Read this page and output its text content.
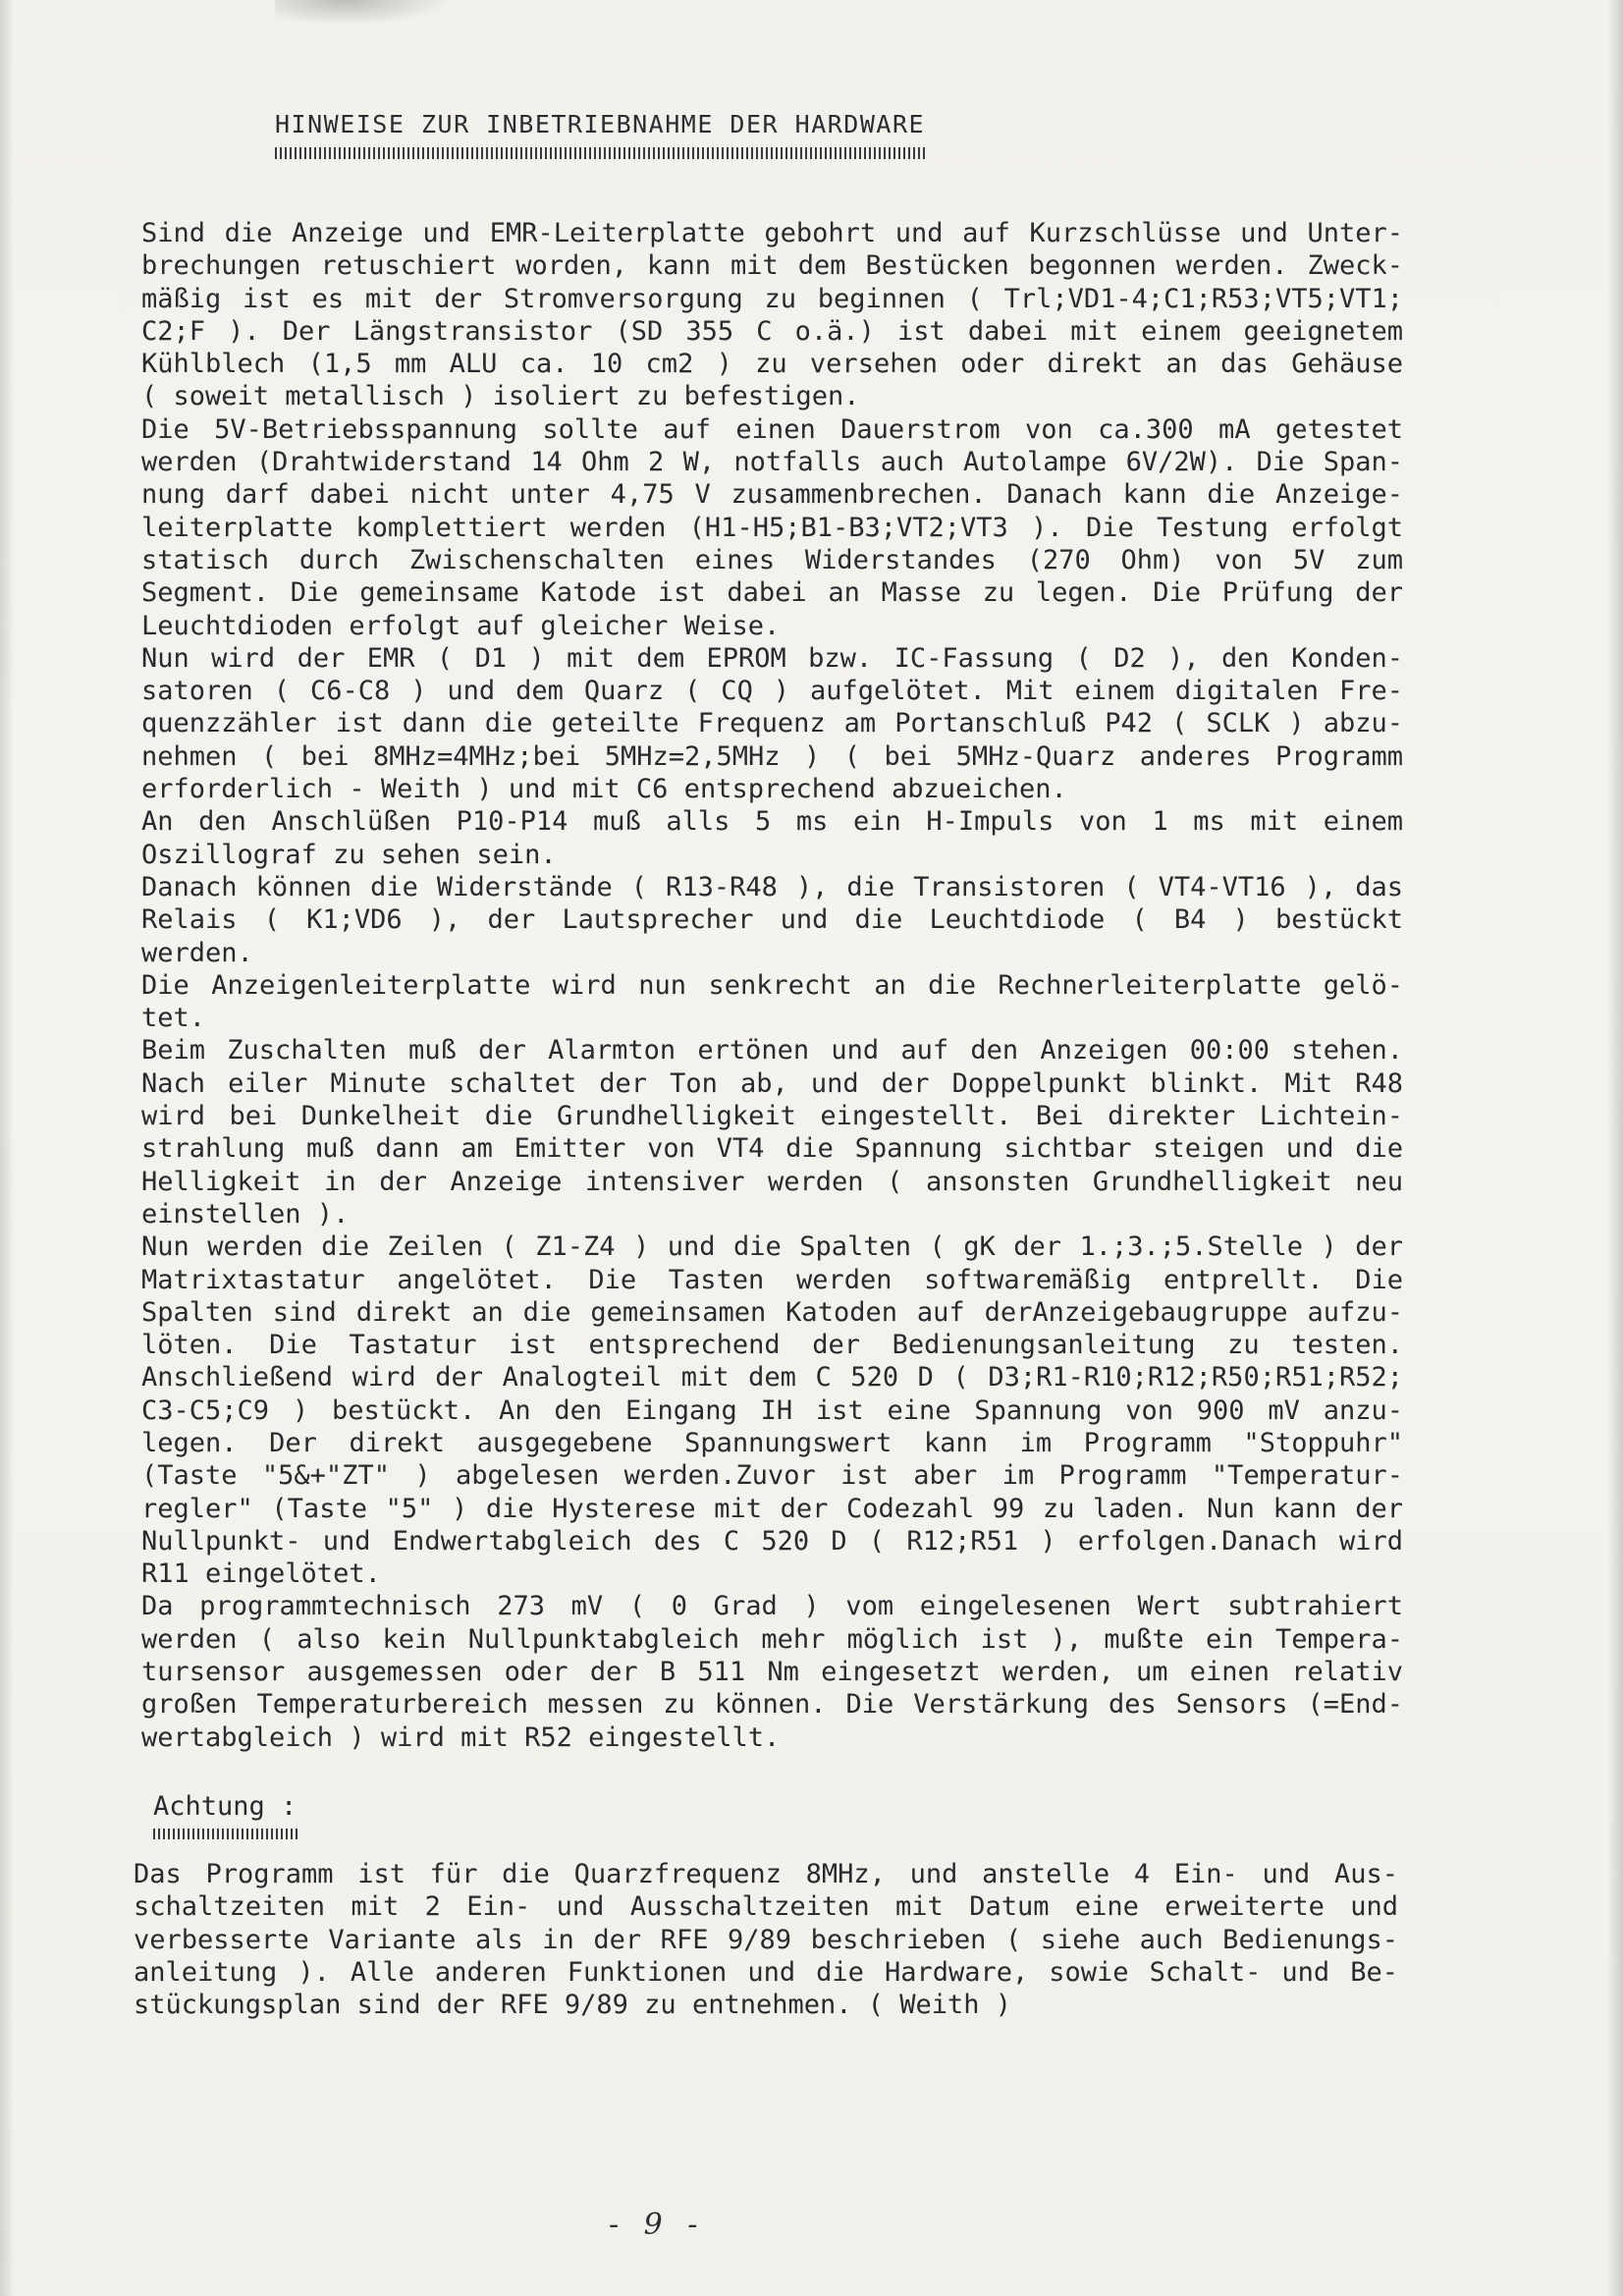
HINWEISE ZUR INBETRIEBNAHME DER HARDWARE
Sind die Anzeige und EMR-Leiterplatte gebohrt und auf Kurzschlüsse und Unter-
brechungen retuschiert worden, kann mit dem Bestücken begonnen werden. Zweck-
mäßig ist es mit der Stromversorgung zu beginnen ( Trl;VD1-4;C1;R53;VT5;VT1;
C2;F ). Der Längstransistor (SD 355 C o.ä.) ist dabei mit einem geeignetem
Kühlblech (1,5 mm ALU ca. 10 cm2 ) zu versehen oder direkt an das Gehäuse
( soweit metallisch ) isoliert zu befestigen.
Die 5V-Betriebsspannung sollte auf einen Dauerstrom von ca.300 mA getestet
werden (Drahtwiderstand 14 Ohm 2 W, notfalls auch Autolampe 6V/2W). Die Span-
nung darf dabei nicht unter 4,75 V zusammenbrechen. Danach kann die Anzeige-
leiterplatte komplettiert werden (H1-H5;B1-B3;VT2;VT3 ). Die Testung erfolgt
statisch durch Zwischenschalten eines Widerstandes (270 Ohm) von 5V zum
Segment. Die gemeinsame Katode ist dabei an Masse zu legen. Die Prüfung der
Leuchtdioden erfolgt auf gleicher Weise.
Nun wird der EMR ( D1 ) mit dem EPROM bzw. IC-Fassung ( D2 ), den Konden-
satoren ( C6-C8 ) und dem Quarz ( CQ ) aufgelötet. Mit einem digitalen Fre-
quenzzähler ist dann die geteilte Frequenz am Portanschluß P42 ( SCLK ) abzu-
nehmen ( bei 8MHz=4MHz;bei 5MHz=2,5MHz ) ( bei 5MHz-Quarz anderes Programm
erforderlich - Weith ) und mit C6 entsprechend abzueichen.
An den Anschlüßen P10-P14 muß alls 5 ms ein H-Impuls von 1 ms mit einem
Oszillograf zu sehen sein.
Danach können die Widerstände ( R13-R48 ), die Transistoren ( VT4-VT16 ), das
Relais ( K1;VD6 ), der Lautsprecher und die Leuchtdiode ( B4 ) bestückt
werden.
Die Anzeigenleiterplatte wird nun senkrecht an die Rechnerleiterplatte gelö-
tet.
Beim Zuschalten muß der Alarmton ertönen und auf den Anzeigen 00:00 stehen.
Nach eiler Minute schaltet der Ton ab, und der Doppelpunkt blinkt. Mit R48
wird bei Dunkelheit die Grundhelligkeit eingestellt. Bei direkter Lichtein-
strahlung muß dann am Emitter von VT4 die Spannung sichtbar steigen und die
Helligkeit in der Anzeige intensiver werden ( ansonsten Grundhelligkeit neu
einstellen ).
Nun werden die Zeilen ( Z1-Z4 ) und die Spalten ( gK der 1.;3.;5.Stelle ) der
Matrixtastatur angelötet. Die Tasten werden softwaremäßig entprellt. Die
Spalten sind direkt an die gemeinsamen Katoden auf derAnzeigebaugruppe aufzu-
löten. Die Tastatur ist entsprechend der Bedienungsanleitung zu testen.
Anschließend wird der Analogteil mit dem C 520 D ( D3;R1-R10;R12;R50;R51;R52;
C3-C5;C9 ) bestückt. An den Eingang IH ist eine Spannung von 900 mV anzu-
legen. Der direkt ausgegebene Spannungswert kann im Programm "Stoppuhr"
(Taste "5&+"ZT" ) abgelesen werden.Zuvor ist aber im Programm "Temperatur-
regler" (Taste "5" ) die Hysterese mit der Codezahl 99 zu laden. Nun kann der
Nullpunkt- und Endwertabgleich des C 520 D ( R12;R51 ) erfolgen.Danach wird
R11 eingelötet.
Da programmtechnisch 273 mV ( 0 Grad ) vom eingelesenen Wert subtrahiert
werden ( also kein Nullpunktabgleich mehr möglich ist ), mußte ein Tempera-
tursensor ausgemessen oder der B 511 Nm eingesetzt werden, um einen relativ
großen Temperaturbereich messen zu können. Die Verstärkung des Sensors (=End-
wertabgleich ) wird mit R52 eingestellt.
Achtung :
Das Programm ist für die Quarzfrequenz 8MHz, und anstelle 4 Ein- und Aus-
schaltzeiten mit 2 Ein- und Ausschaltzeiten mit Datum eine erweiterte und
verbesserte Variante als in der RFE 9/89 beschrieben ( siehe auch Bedienungs-
anleitung ). Alle anderen Funktionen und die Hardware, sowie Schalt- und Be-
stückungsplan sind der RFE 9/89 zu entnehmen. ( Weith )
- 9 -
